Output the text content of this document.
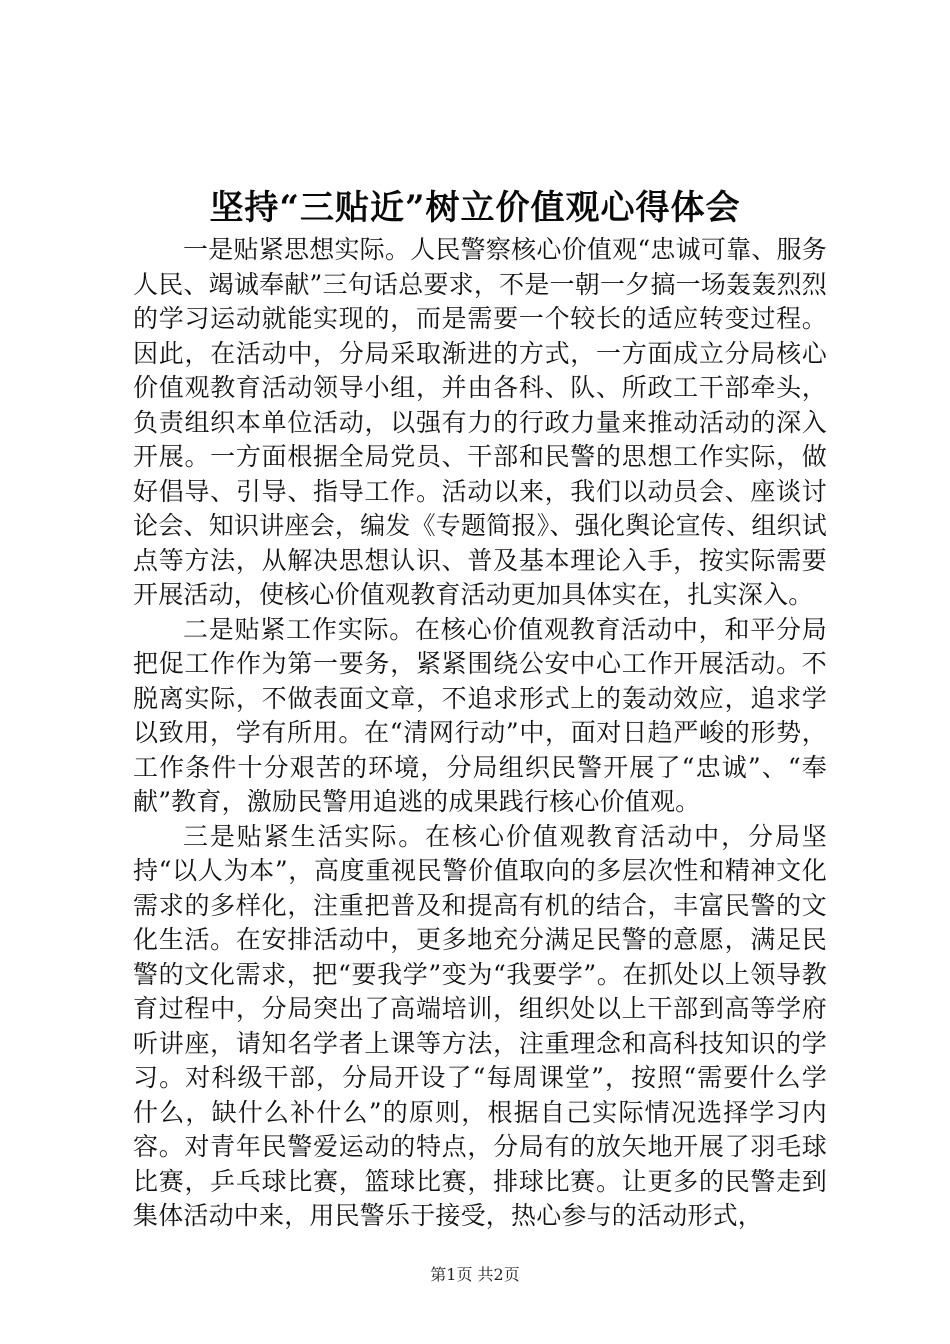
坚持“三贴近”树立价值观心得体会

一是贴紧思想实际。人民警察核心价值观“忠诚可靠、服务人民、竭诚奉献”三句话总要求，不是一朝一夕搞一场轰轰烈烈的学习运动就能实现的，而是需要一个较长的适应转变过程。因此，在活动中，分局采取渐进的方式，一方面成立分局核心价值观教育活动领导小组，并由各科、队、所政工干部牵头，负责组织本单位活动，以强有力的行政力量来推动活动的深入开展。一方面根据全局党员、干部和民警的思想工作实际，做好倡导、引导、指导工作。活动以来，我们以动员会、座谈讨论会、知识讲座会，编发《专题简报》、强化舆论宣传、组织试点等方法，从解决思想认识、普及基本理论入手，按实际需要开展活动，使核心价值观教育活动更加具体实在，扎实深入。

二是贴紧工作实际。在核心价值观教育活动中，和平分局把促工作作为第一要务，紧紧围绕公安中心工作开展活动。不脱离实际，不做表面文章，不追求形式上的轰动效应，追求学以致用，学有所用。在“清网行动”中，面对日趋严峻的形势，工作条件十分艰苦的环境，分局组织民警开展了“忠诚”、“奉献”教育，激励民警用追逃的成果践行核心价值观。

三是贴紧生活实际。在核心价值观教育活动中，分局坚持“以人为本”，高度重视民警价值取向的多层次性和精神文化需求的多样化，注重把普及和提高有机的结合，丰富民警的文化生活。在安排活动中，更多地充分满足民警的意愿，满足民警的文化需求，把“要我学”变为“我要学”。在抓处以上领导教育过程中，分局突出了高端培训，组织处以上干部到高等学府听讲座，请知名学者上课等方法，注重理念和高科技知识的学习。对科级干部，分局开设了“每周课堂”，按照“需要什么学什么，缺什么补什么”的原则，根据自己实际情况选择学习内容。对青年民警爱运动的特点，分局有的放矢地开展了羽毛球比赛，乒乓球比赛，篮球比赛，排球比赛。让更多的民警走到集体活动中来，用民警乐于接受，热心参与的活动形式，

第1页 共2页
